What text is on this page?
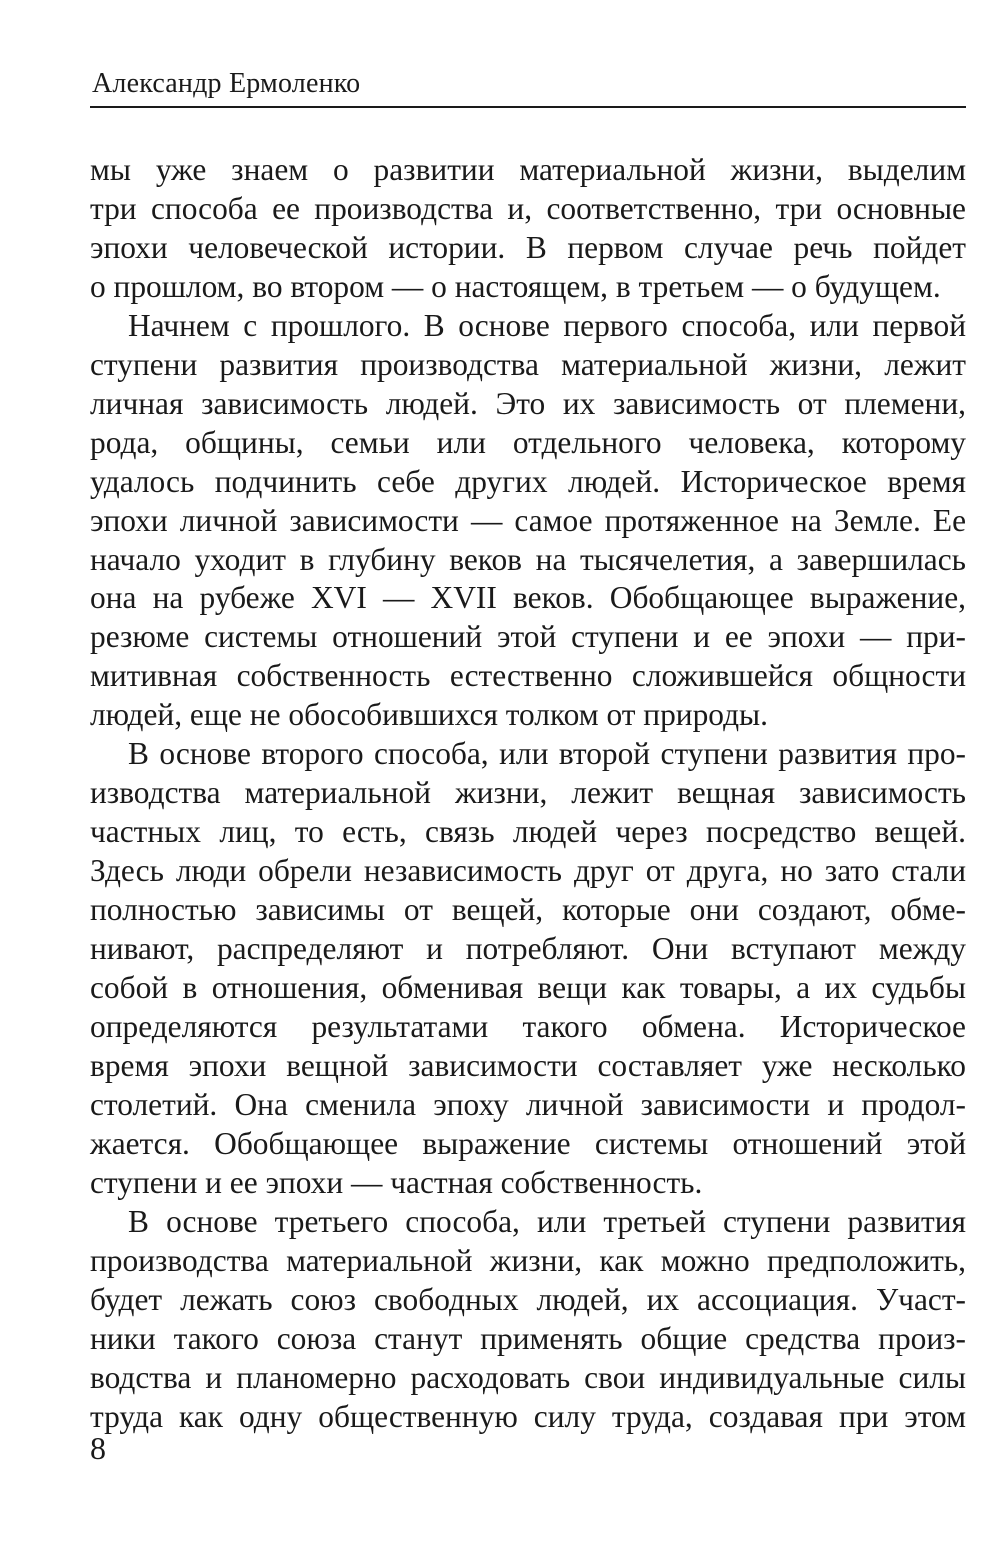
Александр Ермоленко
мы уже знаем о развитии материальной жизни, выделим
три способа ее производства и, соответственно, три основные
эпохи человеческой истории. В первом случае речь пойдет
о прошлом, во втором — о настоящем, в третьем — о будущем.
Начнем с прошлого. В основе первого способа, или первой
ступени развития производства материальной жизни, лежит
личная зависимость людей. Это их зависимость от племени,
рода, общины, семьи или отдельного человека, которому
удалось подчинить себе других людей. Историческое время
эпохи личной зависимости — самое протяженное на Земле. Ее
начало уходит в глубину веков на тысячелетия, а завершилась
она на рубеже XVI — XVII веков. Обобщающее выражение,
резюме системы отношений этой ступени и ее эпохи — при-
митивная собственность естественно сложившейся общности
людей, еще не обособившихся толком от природы.
В основе второго способа, или второй ступени развития про-
изводства материальной жизни, лежит вещная зависимость
частных лиц, то есть, связь людей через посредство вещей.
Здесь люди обрели независимость друг от друга, но зато стали
полностью зависимы от вещей, которые они создают, обме-
нивают, распределяют и потребляют. Они вступают между
собой в отношения, обменивая вещи как товары, а их судьбы
определяются результатами такого обмена. Историческое
время эпохи вещной зависимости составляет уже несколько
столетий. Она сменила эпоху личной зависимости и продол-
жается. Обобщающее выражение системы отношений этой
ступени и ее эпохи — частная собственность.
В основе третьего способа, или третьей ступени развития
производства материальной жизни, как можно предположить,
будет лежать союз свободных людей, их ассоциация. Участ-
ники такого союза станут применять общие средства произ-
водства и планомерно расходовать свои индивидуальные силы
труда как одну общественную силу труда, создавая при этом
8
